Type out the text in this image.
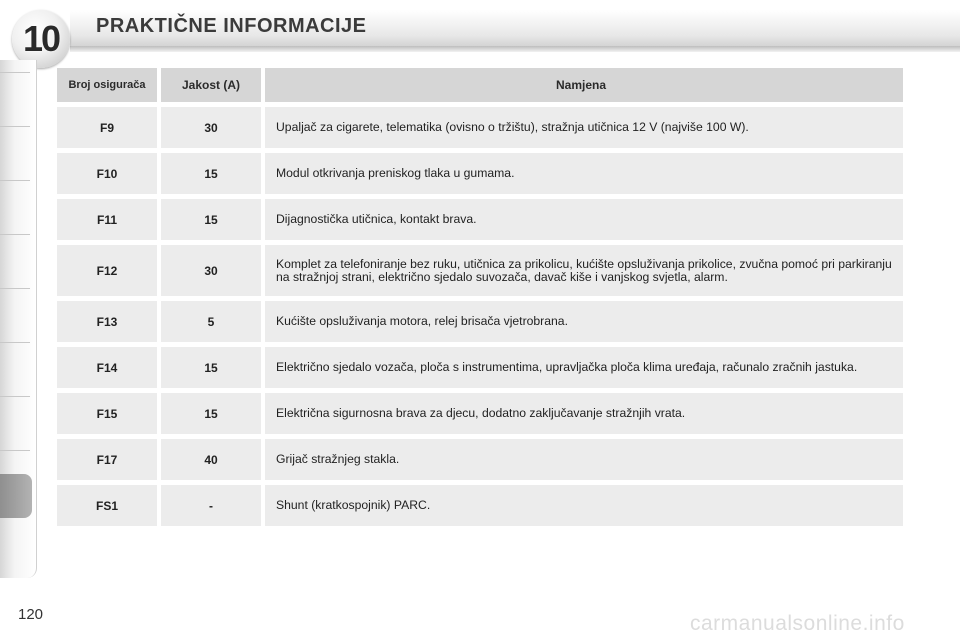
10 PRAKTIČNE INFORMACIJE
Broj osigurača	Jakost (A)	Namjena
F9	30	Upaljač za cigarete, telematika (ovisno o tržištu), stražnja utičnica 12 V (najviše 100 W).
F10	15	Modul otkrivanja preniskog tlaka u gumama.
F11	15	Dijagnostička utičnica, kontakt brava.
F12	30	Komplet za telefoniranje bez ruku, utičnica za prikolicu, kućište opsluživanja prikolice, zvučna pomoć pri parkiranju na stražnjoj strani, električno sjedalo suvozača, davač kiše i vanjskog svjetla, alarm.
F13	5	Kućište opsluživanja motora, relej brisača vjetrobrana.
F14	15	Električno sjedalo vozača, ploča s instrumentima, upravljačka ploča klima uređaja, računalo zračnih jastuka.
F15	15	Električna sigurnosna brava za djecu, dodatno zaključavanje stražnjih vrata.
F17	40	Grijač stražnjeg stakla.
FS1	-	Shunt (kratkospojnik) PARC.
120	carmanualsonline.info
